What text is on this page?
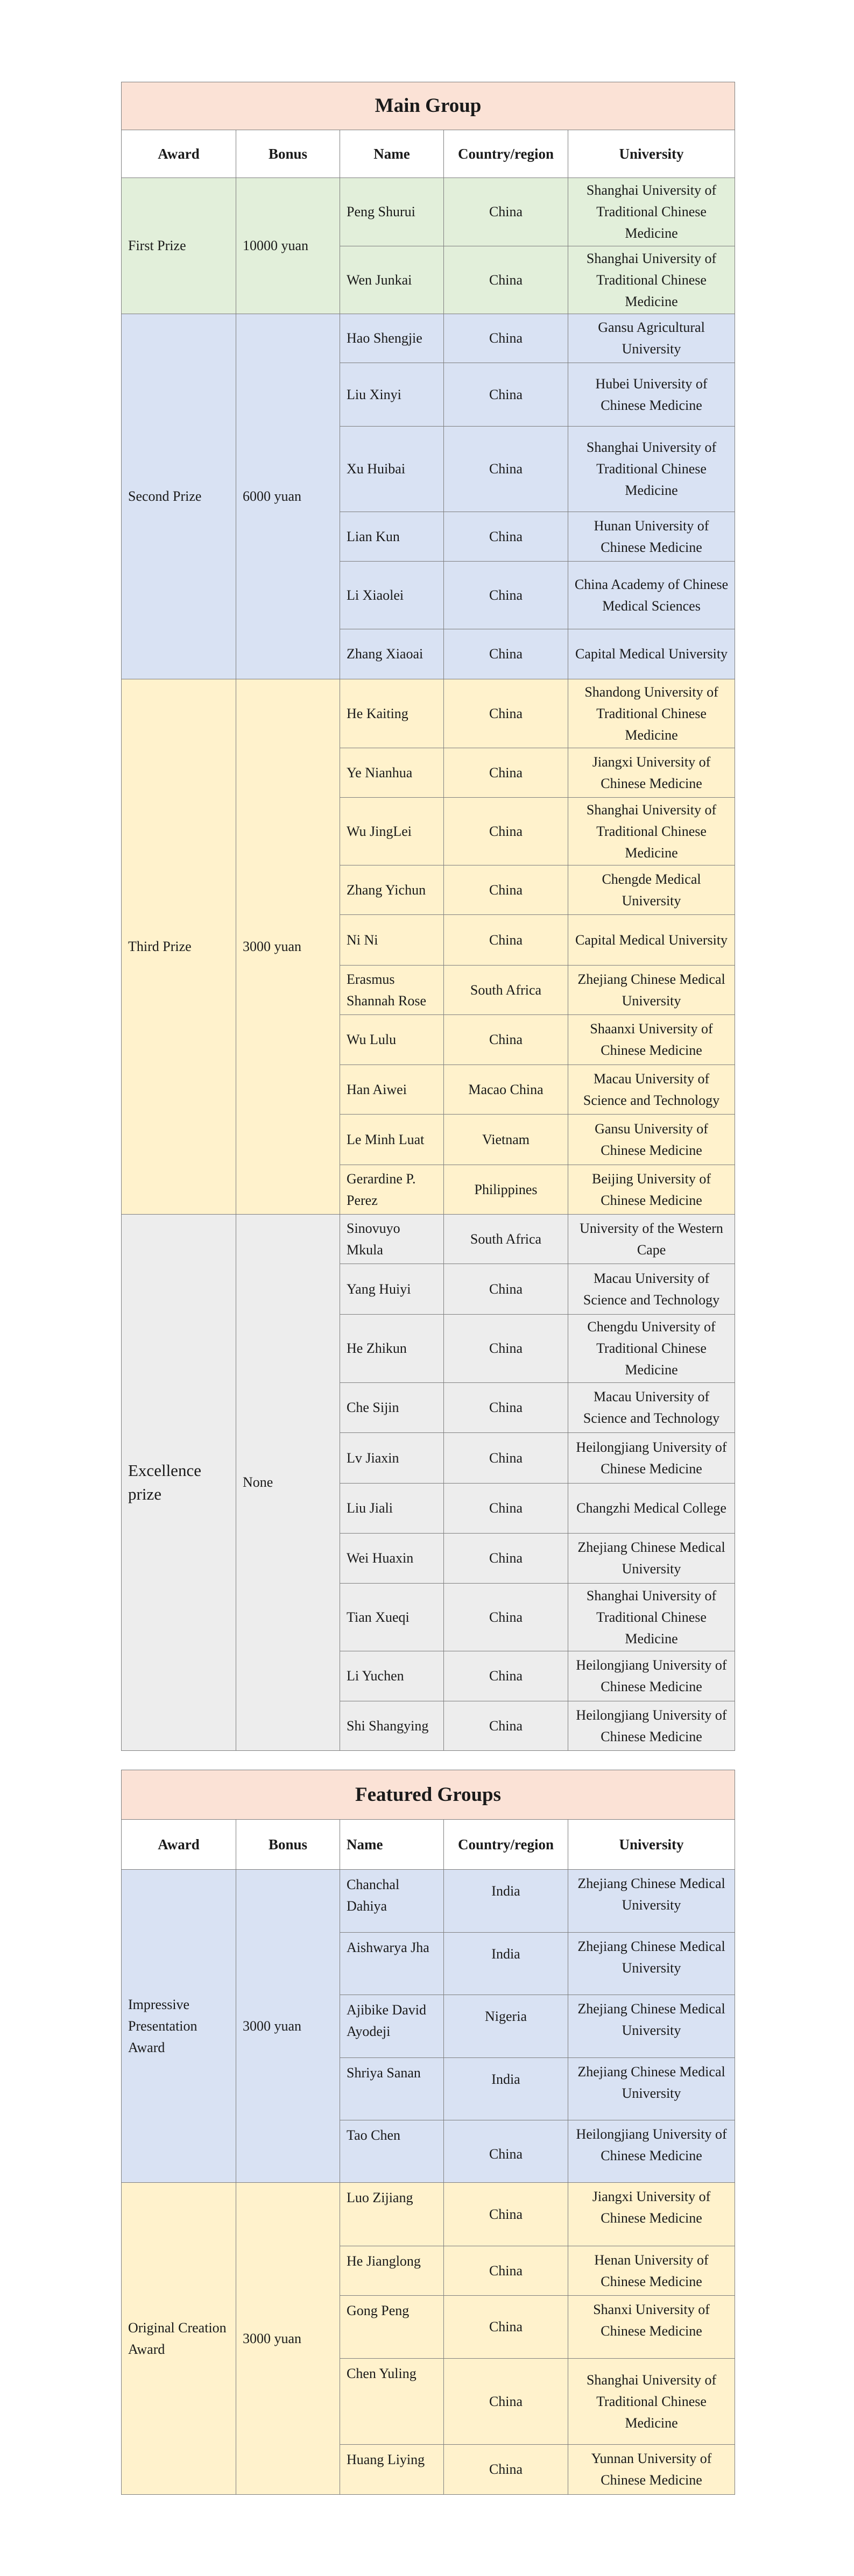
Main Group				
Award	Bonus	Name	Country/region	University
First Prize	10000 yuan	Peng Shurui	China	Shanghai University of Traditional Chinese Medicine
		Wen Junkai	China	Shanghai University of Traditional Chinese Medicine
Second Prize	6000 yuan	Hao Shengjie	China	Gansu Agricultural University
		Liu Xinyi	China	Hubei University of Chinese Medicine
		Xu Huibai	China	Shanghai University of Traditional Chinese Medicine
		Lian Kun	China	Hunan University of Chinese Medicine
		Li Xiaolei	China	China Academy of Chinese Medical Sciences
		Zhang Xiaoai	China	Capital Medical University
Third Prize	3000 yuan	He Kaiting	China	Shandong University of Traditional Chinese Medicine
		Ye Nianhua	China	Jiangxi University of Chinese Medicine
		Wu JingLei	China	Shanghai University of Traditional Chinese Medicine
		Zhang Yichun	China	Chengde Medical University
		Ni Ni	China	Capital Medical University
		Erasmus Shannah Rose	South Africa	Zhejiang Chinese Medical University
		Wu Lulu	China	Shaanxi University of Chinese Medicine
		Han Aiwei	Macao China	Macau University of Science and Technology
		Le Minh Luat	Vietnam	Gansu University of Chinese Medicine
		Gerardine P. Perez	Philippines	Beijing University of Chinese Medicine
Excellence prize	None	Sinovuyo Mkula	South Africa	University of the Western Cape
		Yang Huiyi	China	Macau University of Science and Technology
		He Zhikun	China	Chengdu University of Traditional Chinese Medicine
		Che Sijin	China	Macau University of Science and Technology
		Lv Jiaxin	China	Heilongjiang University of Chinese Medicine
		Liu Jiali	China	Changzhi Medical College
		Wei Huaxin	China	Zhejiang Chinese Medical University
		Tian Xueqi	China	Shanghai University of Traditional Chinese Medicine
		Li Yuchen	China	Heilongjiang University of Chinese Medicine
		Shi Shangying	China	Heilongjiang University of Chinese Medicine
Featured Groups				
Award	Bonus	Name	Country/region	University
Impressive Presentation Award	3000 yuan	Chanchal Dahiya	India	Zhejiang Chinese Medical University
		Aishwarya Jha	India	Zhejiang Chinese Medical University
		Ajibike David Ayodeji	Nigeria	Zhejiang Chinese Medical University
		Shriya Sanan	India	Zhejiang Chinese Medical University
		Tao Chen	China	Heilongjiang University of Chinese Medicine
Original Creation Award	3000 yuan	Luo Zijiang	China	Jiangxi University of Chinese Medicine
		He Jianglong	China	Henan University of Chinese Medicine
		Gong Peng	China	Shanxi University of Chinese Medicine
		Chen Yuling	China	Shanghai University of Traditional Chinese Medicine
		Huang Liying	China	Yunnan University of Chinese Medicine
